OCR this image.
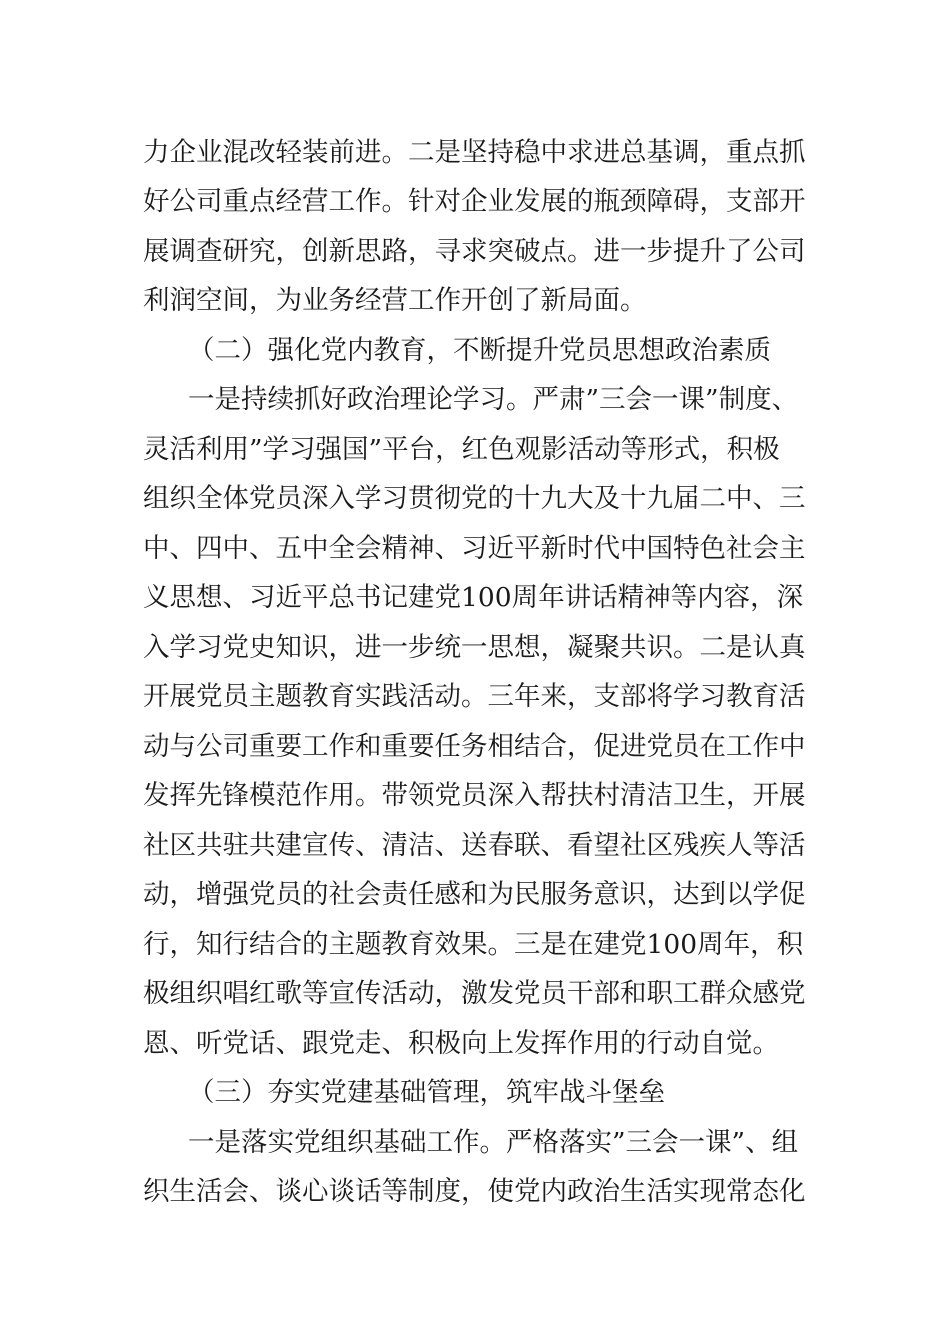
力企业混改轻装前进。二是坚持稳中求进总基调，重点抓
好公司重点经营工作。针对企业发展的瓶颈障碍，支部开
展调查研究，创新思路，寻求突破点。进一步提升了公司
利润空间，为业务经营工作开创了新局面。
（二）强化党内教育，不断提升党员思想政治素质
一是持续抓好政治理论学习。严肃”三会一课”制度、
灵活利用”学习强国”平台，红色观影活动等形式，积极
组织全体党员深入学习贯彻党的十九大及十九届二中、三
中、四中、五中全会精神、习近平新时代中国特色社会主
义思想、习近平总书记建党100周年讲话精神等内容，深
入学习党史知识，进一步统一思想，凝聚共识。二是认真
开展党员主题教育实践活动。三年来，支部将学习教育活
动与公司重要工作和重要任务相结合，促进党员在工作中
发挥先锋模范作用。带领党员深入帮扶村清洁卫生，开展
社区共驻共建宣传、清洁、送春联、看望社区残疾人等活
动，增强党员的社会责任感和为民服务意识，达到以学促
行，知行结合的主题教育效果。三是在建党100周年，积
极组织唱红歌等宣传活动，激发党员干部和职工群众感党
恩、听党话、跟党走、积极向上发挥作用的行动自觉。
（三）夯实党建基础管理，筑牢战斗堡垒
一是落实党组织基础工作。严格落实”三会一课”、组
织生活会、谈心谈话等制度，使党内政治生活实现常态化
